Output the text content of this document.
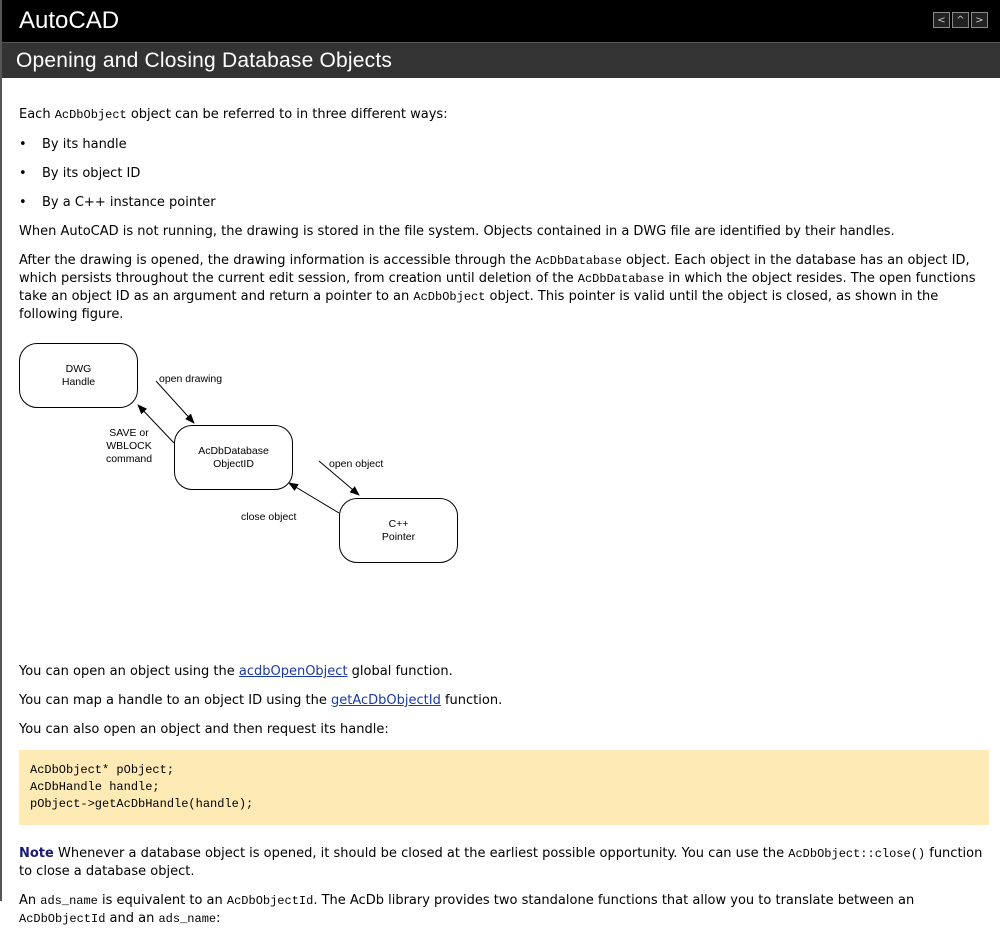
AutoCAD	<	^	>
Opening and Closing Database Objects

Each AcDbObject object can be referred to in three different ways:

• By its handle
• By its object ID
• By a C++ instance pointer

When AutoCAD is not running, the drawing is stored in the file system. Objects contained in a DWG file are identified by their handles.

After the drawing is opened, the drawing information is accessible through the AcDbDatabase object. Each object in the database has an object ID, which persists throughout the current edit session, from creation until deletion of the AcDbDatabase in which the object resides. The open functions take an object ID as an argument and return a pointer to an AcDbObject object. This pointer is valid until the object is closed, as shown in the following figure.

DWG
Handle
AcDbDatabase
ObjectID
C++
Pointer
open drawing
SAVE or
WBLOCK
command	open object
close object

You can open an object using the acdbOpenObject global function.

You can map a handle to an object ID using the getAcDbObjectId function.

You can also open an object and then request its handle:

AcDbObject* pObject;
AcDbHandle handle;
pObject->getAcDbHandle(handle);

Note Whenever a database object is opened, it should be closed at the earliest possible opportunity. You can use the AcDbObject::close() function to close a database object.

An ads_name is equivalent to an AcDbObjectId. The AcDb library provides two standalone functions that allow you to translate between an AcDbObjectId and an ads_name:
